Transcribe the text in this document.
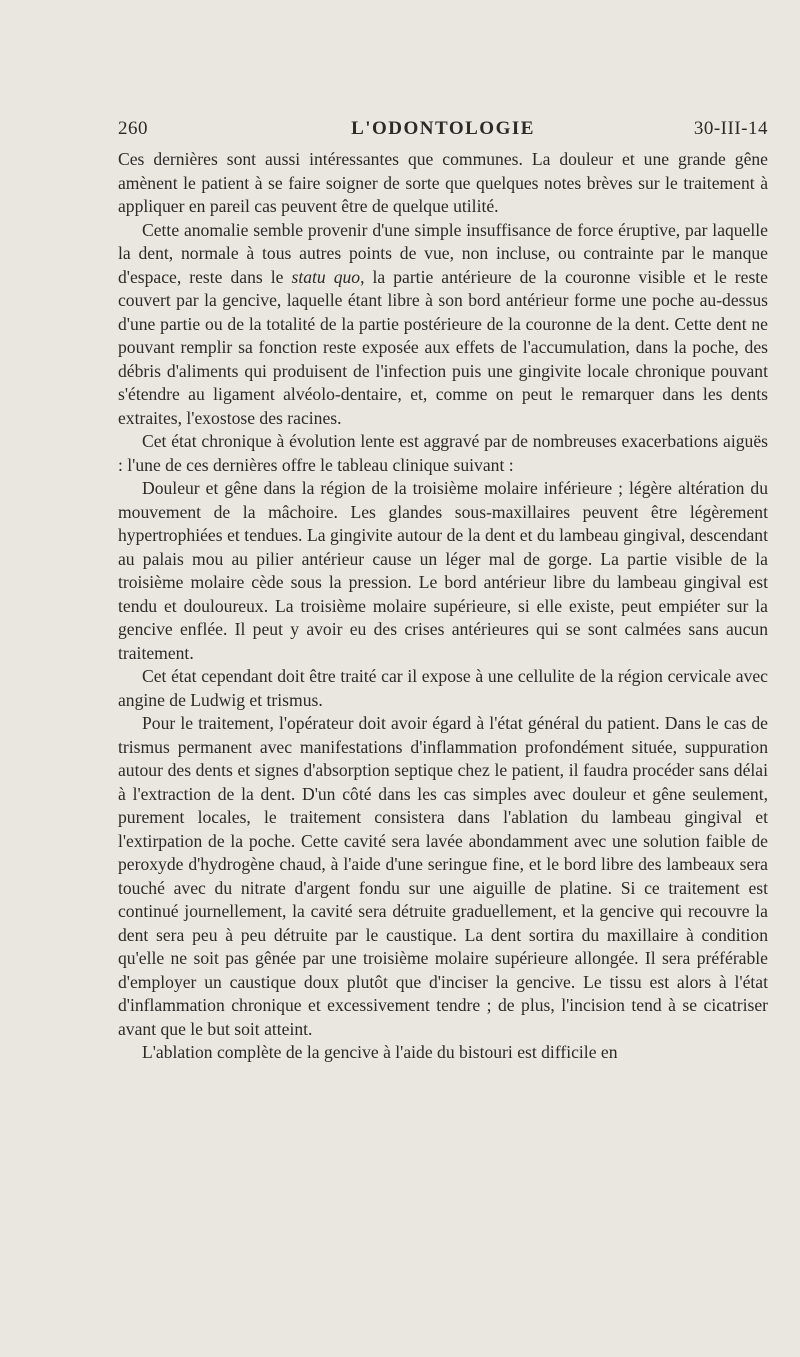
260	L'ODONTOLOGIE	30-III-14

Ces dernières sont aussi intéressantes que communes. La douleur et une grande gêne amènent le patient à se faire soigner de sorte que quelques notes brèves sur le traitement à appliquer en pareil cas peuvent être de quelque utilité.

Cette anomalie semble provenir d'une simple insuffisance de force éruptive, par laquelle la dent, normale à tous autres points de vue, non incluse, ou contrainte par le manque d'espace, reste dans le statu quo, la partie antérieure de la couronne visible et le reste couvert par la gencive, laquelle étant libre à son bord antérieur forme une poche au-dessus d'une partie ou de la totalité de la partie postérieure de la couronne de la dent. Cette dent ne pouvant remplir sa fonction reste exposée aux effets de l'accumulation, dans la poche, des débris d'aliments qui produisent de l'infection puis une gingivite locale chronique pouvant s'étendre au ligament alvéolo-dentaire, et, comme on peut le remarquer dans les dents extraites, l'exostose des racines.

Cet état chronique à évolution lente est aggravé par de nombreuses exacerbations aiguës : l'une de ces dernières offre le tableau clinique suivant :

Douleur et gêne dans la région de la troisième molaire inférieure ; légère altération du mouvement de la mâchoire. Les glandes sous-maxillaires peuvent être légèrement hypertrophiées et tendues. La gingivite autour de la dent et du lambeau gingival, descendant au palais mou au pilier antérieur cause un léger mal de gorge. La partie visible de la troisième molaire cède sous la pression. Le bord antérieur libre du lambeau gingival est tendu et douloureux. La troisième molaire supérieure, si elle existe, peut empiéter sur la gencive enflée. Il peut y avoir eu des crises antérieures qui se sont calmées sans aucun traitement.

Cet état cependant doit être traité car il expose à une cellulite de la région cervicale avec angine de Ludwig et trismus.

Pour le traitement, l'opérateur doit avoir égard à l'état général du patient. Dans le cas de trismus permanent avec manifestations d'inflammation profondément située, suppuration autour des dents et signes d'absorption septique chez le patient, il faudra procéder sans délai à l'extraction de la dent. D'un côté dans les cas simples avec douleur et gêne seulement, purement locales, le traitement consistera dans l'ablation du lambeau gingival et l'extirpation de la poche. Cette cavité sera lavée abondamment avec une solution faible de peroxyde d'hydrogène chaud, à l'aide d'une seringue fine, et le bord libre des lambeaux sera touché avec du nitrate d'argent fondu sur une aiguille de platine. Si ce traitement est continué journellement, la cavité sera détruite graduellement, et la gencive qui recouvre la dent sera peu à peu détruite par le caustique. La dent sortira du maxillaire à condition qu'elle ne soit pas gênée par une troisième molaire supérieure allongée. Il sera préférable d'employer un caustique doux plutôt que d'inciser la gencive. Le tissu est alors à l'état d'inflammation chronique et excessivement tendre ; de plus, l'incision tend à se cicatriser avant que le but soit atteint.

L'ablation complète de la gencive à l'aide du bistouri est difficile en
